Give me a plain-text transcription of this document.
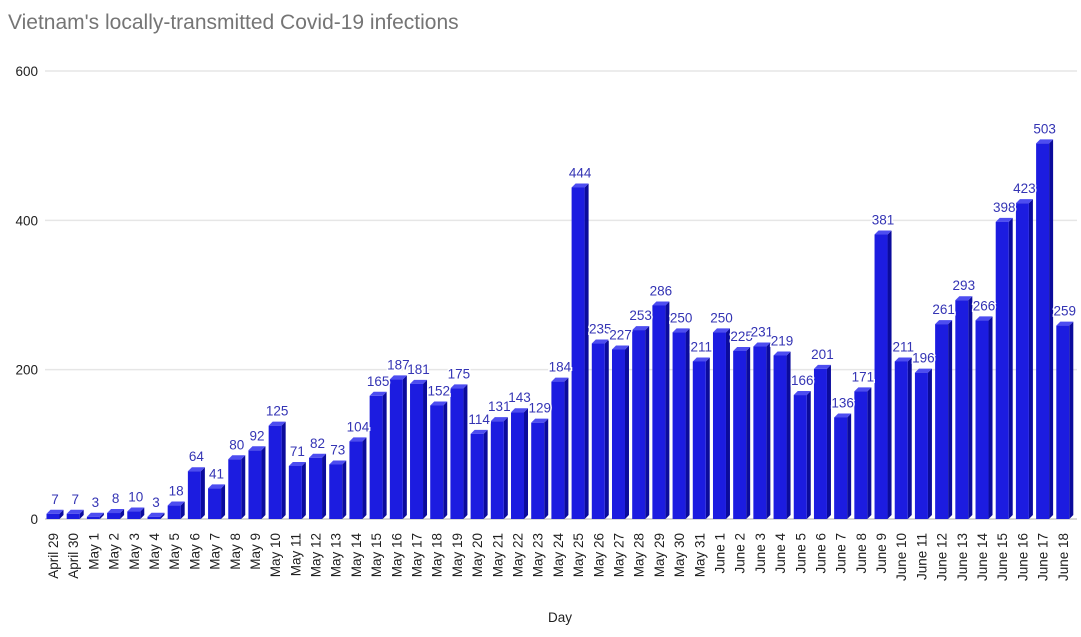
Vietnam's locally-transmitted Covid-19 infections
600
400
200
0
April 29 April 30 May 1 May 2 May 3 May 4 May 5 May 6 May 7 May 8 May 9 May 10 May 11 May 12 May 13 May 14 May 15 May 16 May 17 May 18 May 19 May 20 May 21 May 22 May 23 May 24 May 25 May 26 May 27 May 28 May 29 May 30 May 31 June 1 June 2 June 3 June 4 June 5 June 6 June 7 June 8 June 9 June 10 June 11 June 12 June 13 June 14 June 15 June 16 June 17 June 18
7 7 3 8 10 3
18
64
41
80
92
125
71
82 73
104
165
187
181
152
175
114
131
143
129
184
444
235
227
253
286
250
211
250
225
231
219
166
201
136
171
381
211
196
261
293
266
398
423
503
259
Day
